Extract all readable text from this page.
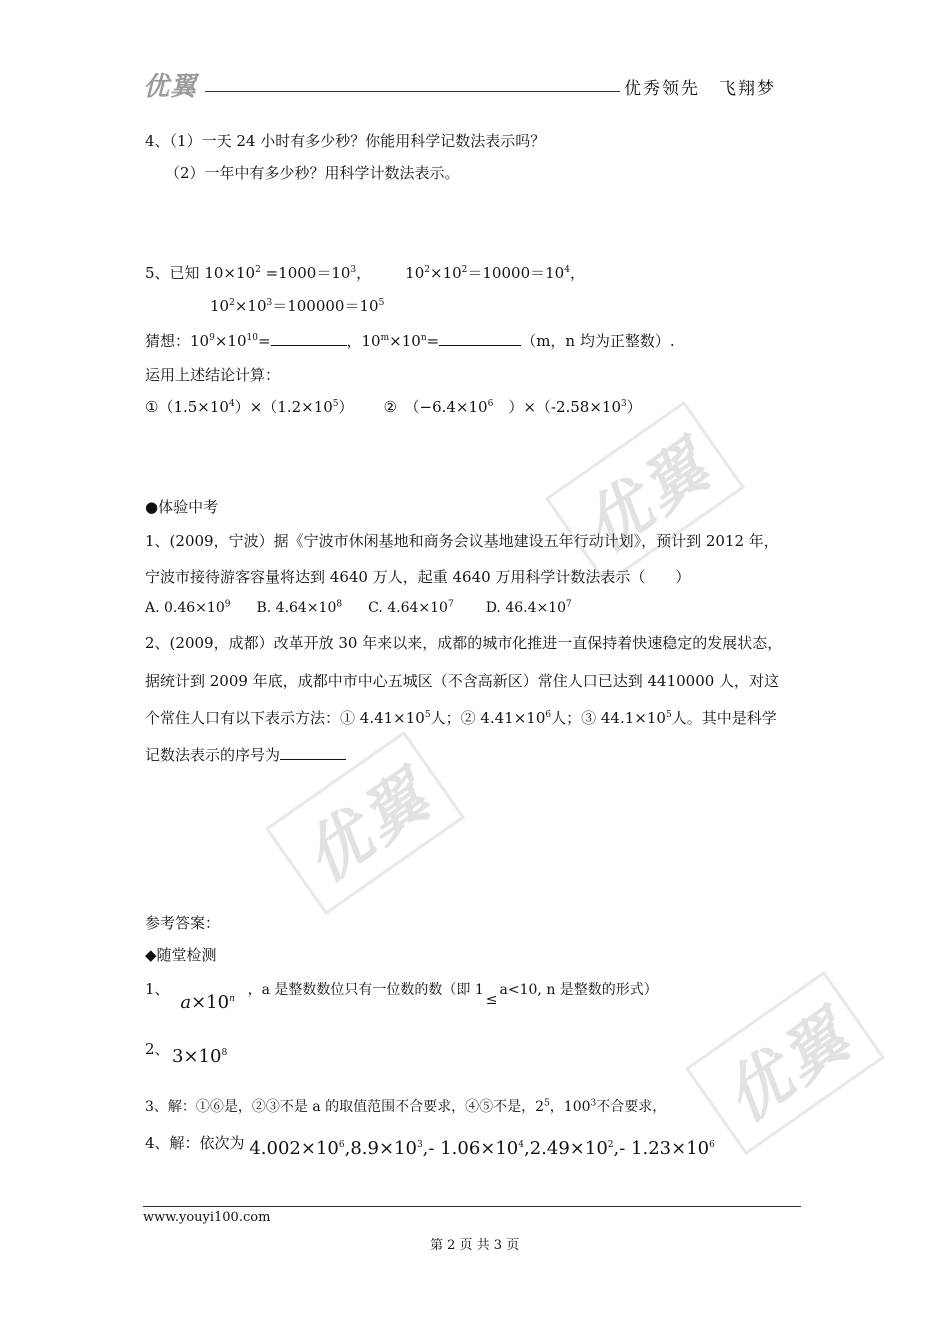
优翼	优秀领先　飞翔梦
优翼
优翼
优翼
4、（1）一天 24 小时有多少秒？你能用科学记数法表示吗？
（2）一年中有多少秒？用科学计数法表示。
5、已知 $10\times 10^2 =1000=10^3$， $10^2\times 10^2=10000=10^4$，
$10^2\times 10^3=100000=10^5$
猜想：$10^9\times 10^{10}=$	，$10^m\times 10^n=$	（m，n 均为正整数）.
运用上述结论计算：
$①(1.5\times 10^4)\times(1.2\times 10^5)$ ②　（$-6.4\times 10^6$　）$\times(-2.58\times 10^3)$
●体验中考
1、(2009，宁波）据《宁波市休闲基地和商务会议基地建设五年行动计划》，预计到 2012 年，
宁波市接待游客容量将达到 4640 万人，起重 4640 万用科学计数法表示（　　）
A. $0.46\times 10^9$ B. $4.64\times 10^8$ C. $4.64\times 10^7$ D. $46.4\times 10^7$
2、(2009，成都）改革开放 30 年来以来，成都的城市化推进一直保持着快速稳定的发展状态，
据统计到 2009 年底，成都中市中心五城区（不含高新区）常住人口已达到 4410000 人，对这
个常住人口有以下表示方法：① $4.41\times 10^5$人；② $4.41\times 10^6$人；③ $44.1\times 10^5$人。其中是科学
记数法表示的序号为
参考答案：
◆随堂检测
1、 $a\times 10^n$ ，a 是整数数位只有一位数的数（即 1≤a<10, n 是整数的形式）
2、 $3\times 10^8$
3、解：①⑥是，②③不是 a 的取值范围不合要求，④⑤不是，$2^5$，$100^3$不合要求，
4、解：依次为 $4.002\times 10^6,8.9\times 10^3,-$ $1.06\times 10^4,2.49\times 10^2,-$ $1.23\times 10^6$
www.youyi100.com
第 2 页 共 3 页
